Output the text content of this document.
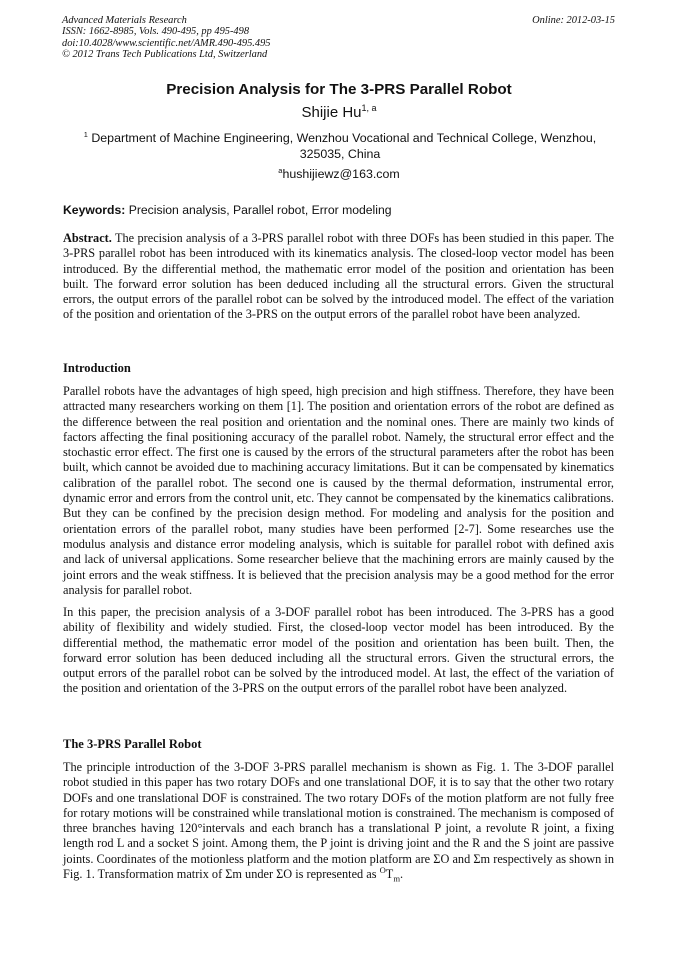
Advanced Materials Research
ISSN: 1662-8985, Vols. 490-495, pp 495-498
doi:10.4028/www.scientific.net/AMR.490-495.495
© 2012 Trans Tech Publications Ltd, Switzerland
Online: 2012-03-15
Precision Analysis for The 3-PRS Parallel Robot
Shijie Hu$^{1, a}$
$^1$ Department of Machine Engineering, Wenzhou Vocational and Technical College, Wenzhou, 325035, China
$^a$hushijiewz@163.com
Keywords: Precision analysis, Parallel robot, Error modeling
Abstract. The precision analysis of a 3-PRS parallel robot with three DOFs has been studied in this paper. The 3-PRS parallel robot has been introduced with its kinematics analysis. The closed-loop vector model has been introduced. By the differential method, the mathematic error model of the position and orientation has been built. The forward error solution has been deduced including all the structural errors. Given the structural errors, the output errors of the parallel robot can be solved by the introduced model. The effect of the variation of the position and orientation of the 3-PRS on the output errors of the parallel robot have been analyzed.
Introduction
Parallel robots have the advantages of high speed, high precision and high stiffness. Therefore, they have been attracted many researchers working on them [1]. The position and orientation errors of the robot are defined as the difference between the real position and orientation and the nominal ones. There are mainly two kinds of factors affecting the final positioning accuracy of the parallel robot. Namely, the structural error effect and the stochastic error effect. The first one is caused by the errors of the structural parameters after the robot has been built, which cannot be avoided due to machining accuracy limitations. But it can be compensated by kinematics calibration of the parallel robot. The second one is caused by the thermal deformation, instrumental error, dynamic error and errors from the control unit, etc. They cannot be compensated by the kinematics calibrations. But they can be confined by the precision design method. For modeling and analysis for the position and orientation errors of the parallel robot, many studies have been performed [2-7]. Some researches use the modulus analysis and distance error modeling analysis, which is suitable for parallel robot with defined axis and lack of universal applications. Some researcher believe that the machining errors are mainly caused by the joint errors and the weak stiffness. It is believed that the precision analysis may be a good method for the error analysis for parallel robot.
In this paper, the precision analysis of a 3-DOF parallel robot has been introduced. The 3-PRS has a good ability of flexibility and widely studied. First, the closed-loop vector model has been introduced. By the differential method, the mathematic error model of the position and orientation has been built. Then, the forward error solution has been deduced including all the structural errors. Given the structural errors, the output errors of the parallel robot can be solved by the introduced model. At last, the effect of the variation of the position and orientation of the 3-PRS on the output errors of the parallel robot have been analyzed.
The 3-PRS Parallel Robot
The principle introduction of the 3-DOF 3-PRS parallel mechanism is shown as Fig. 1. The 3-DOF parallel robot studied in this paper has two rotary DOFs and one translational DOF, it is to say that the other two rotary DOFs and one translational DOF is constrained. The two rotary DOFs of the motion platform are not fully free for rotary motions will be constrained while translational motion is constrained. The mechanism is composed of three branches having 120°intervals and each branch has a translational P joint, a revolute R joint, a fixing length rod L and a socket S joint. Among them, the P joint is driving joint and the R and the S joint are passive joints. Coordinates of the motionless platform and the motion platform are ΣO and Σm respectively as shown in Fig. 1. Transformation matrix of Σm under ΣO is represented as $^OT_m$.
